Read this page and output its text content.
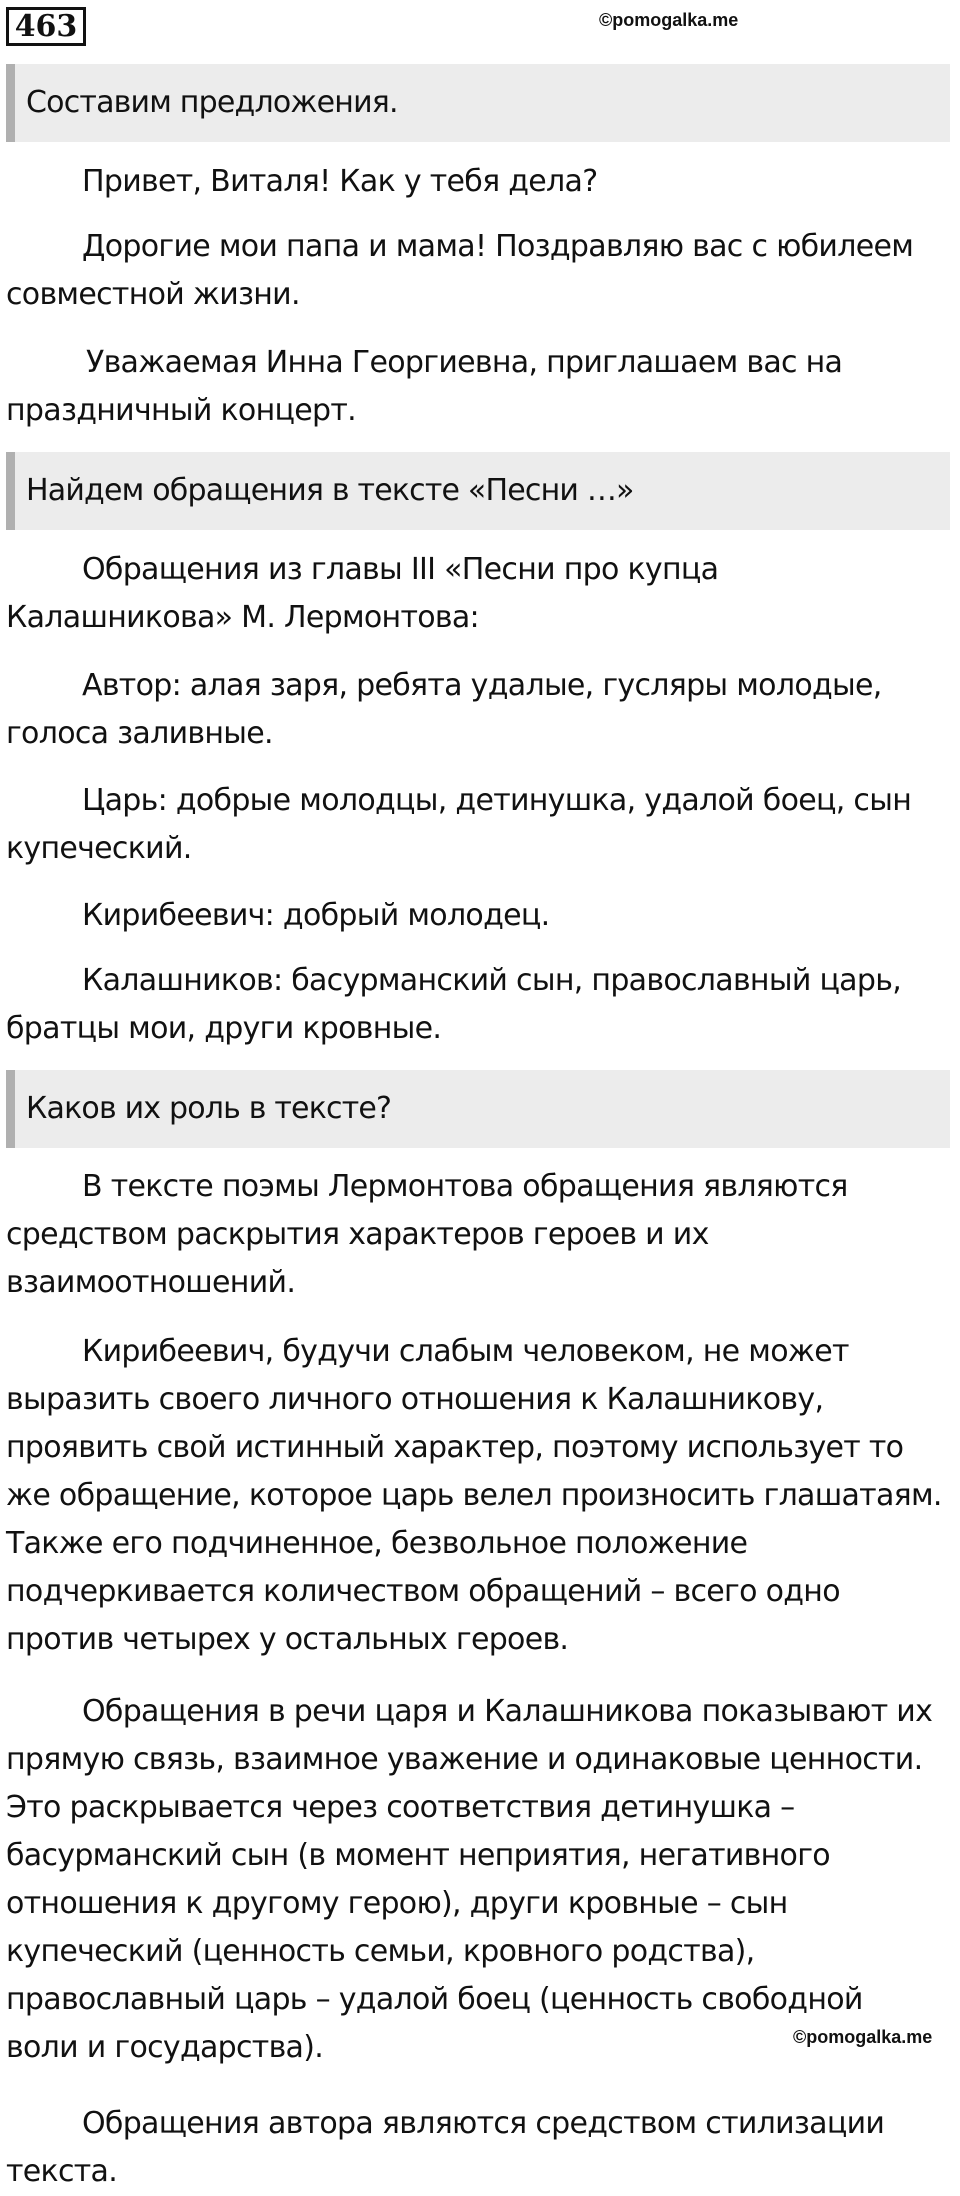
463	©pomogalka.me
Составим предложения.

Привет, Виталя! Как у тебя дела?

Дорогие мои папа и мама! Поздравляю вас с юбилеем
совместной жизни.

Уважаемая Инна Георгиевна, приглашаем вас на
праздничный концерт.

Найдем обращения в тексте «Песни …»

Обращения из главы III «Песни про купца
Калашникова» М. Лермонтова:

Автор: алая заря, ребята удалые, гусляры молодые,
голоса заливные.

Царь: добрые молодцы, детинушка, удалой боец, сын
купеческий.

Кирибеевич: добрый молодец.

Калашников: басурманский сын, православный царь,
братцы мои, други кровные.

Каков их роль в тексте?

В тексте поэмы Лермонтова обращения являются
средством раскрытия характеров героев и их
взаимоотношений.

Кирибеевич, будучи слабым человеком, не может
выразить своего личного отношения к Калашникову,
проявить свой истинный характер, поэтому использует то
же обращение, которое царь велел произносить глашатаям.
Также его подчиненное, безвольное положение
подчеркивается количеством обращений – всего одно
против четырех у остальных героев.

Обращения в речи царя и Калашникова показывают их
прямую связь, взаимное уважение и одинаковые ценности.
Это раскрывается через соответствия детинушка –
басурманский сын (в момент неприятия, негативного
отношения к другому герою), други кровные – сын
купеческий (ценность семьи, кровного родства),
православный царь – удалой боец (ценность свободной
воли и государства).

Обращения автора являются средством стилизации
текста.

©pomogalka.me
